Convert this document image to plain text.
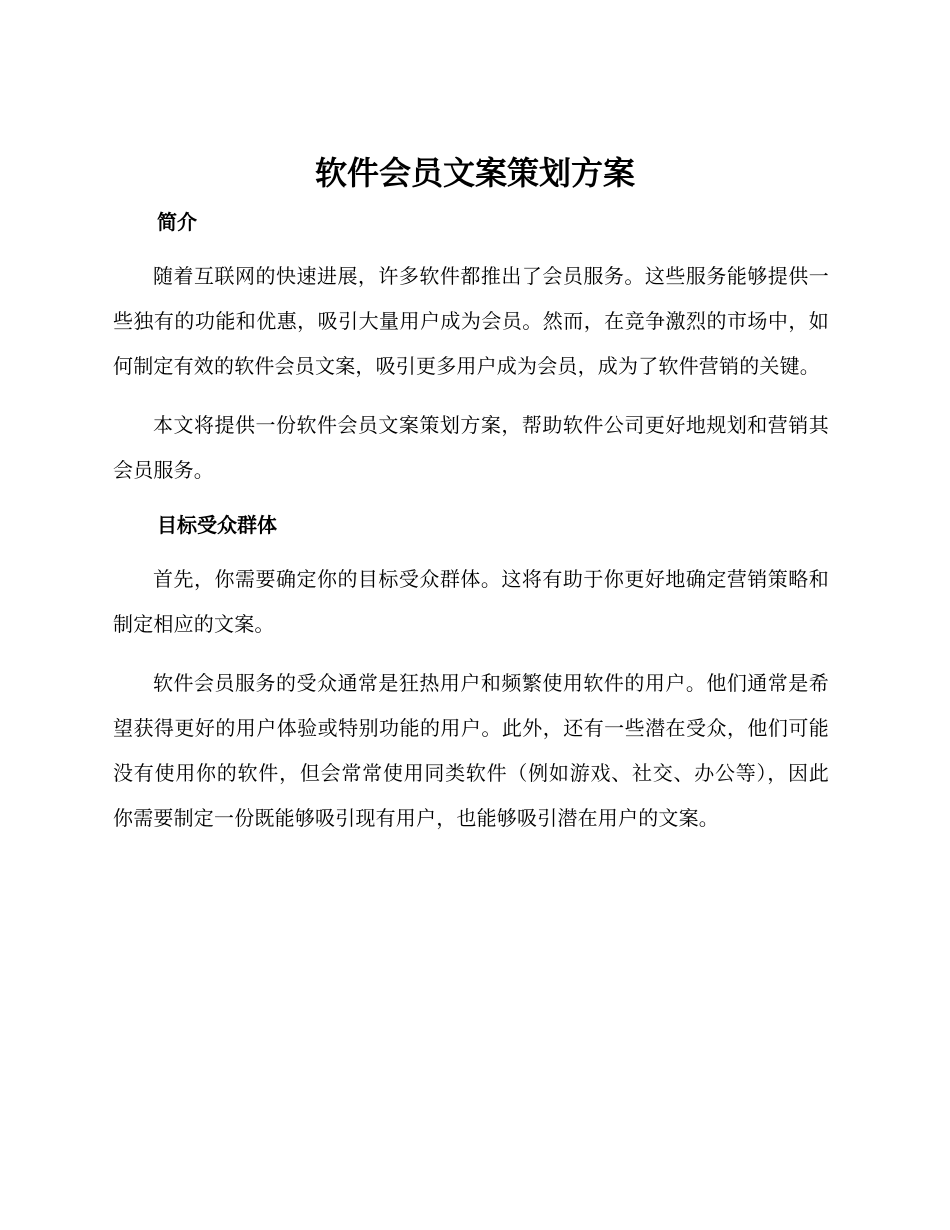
软件会员文案策划方案
简介

随着互联网的快速进展，许多软件都推出了会员服务。这些服务能够提供一些独有的功能和优惠，吸引大量用户成为会员。然而，在竞争激烈的市场中，如何制定有效的软件会员文案，吸引更多用户成为会员，成为了软件营销的关键。

本文将提供一份软件会员文案策划方案，帮助软件公司更好地规划和营销其会员服务。

目标受众群体

首先，你需要确定你的目标受众群体。这将有助于你更好地确定营销策略和制定相应的文案。

软件会员服务的受众通常是狂热用户和频繁使用软件的用户。他们通常是希望获得更好的用户体验或特别功能的用户。此外，还有一些潜在受众，他们可能没有使用你的软件，但会常常使用同类软件（例如游戏、社交、办公等），因此你需要制定一份既能够吸引现有用户，也能够吸引潜在用户的文案。
